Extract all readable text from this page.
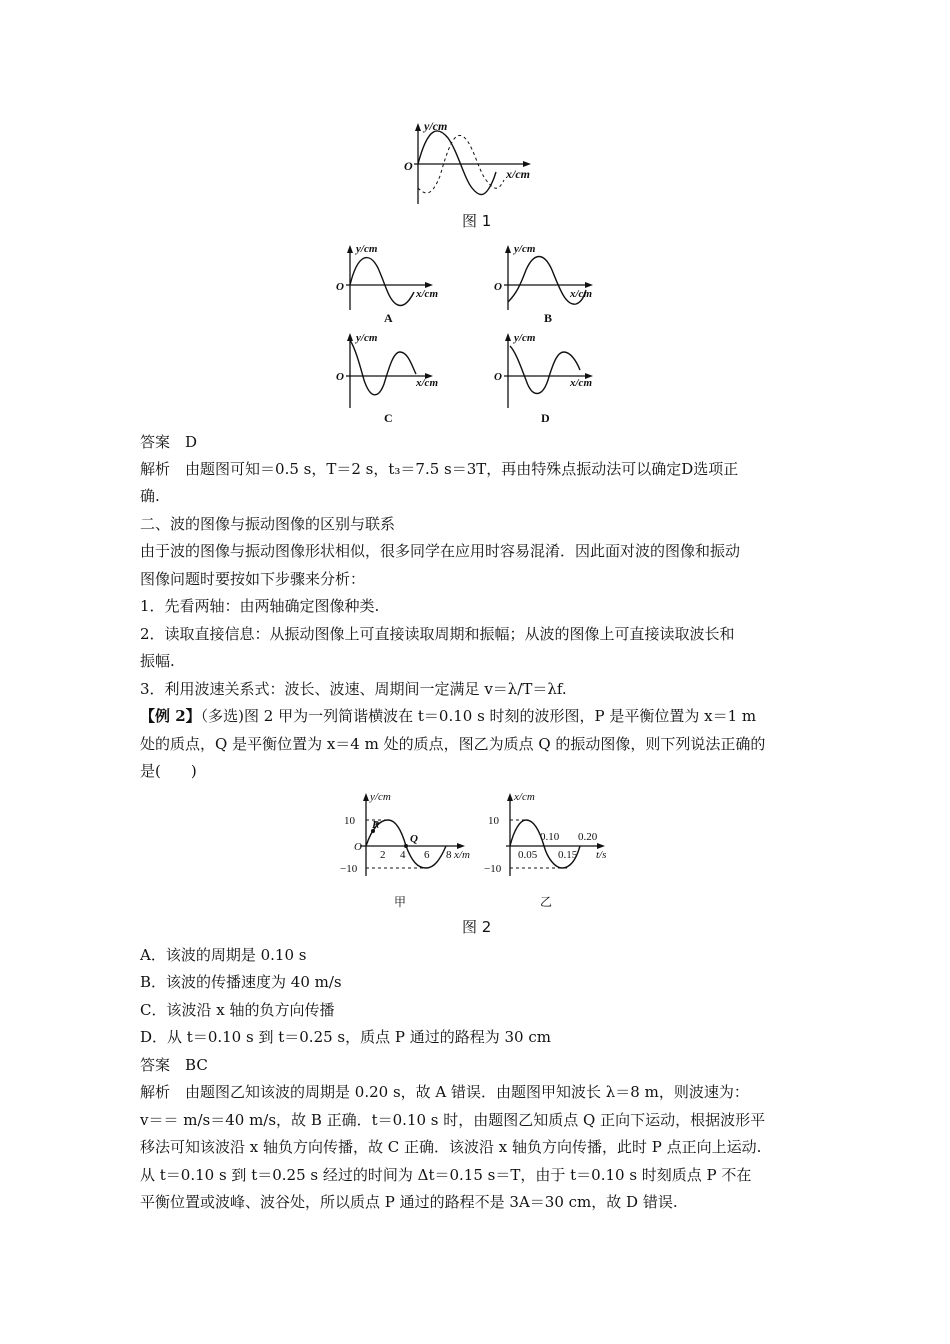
y/cm
O
x/cm
图 1
y/cm
O
x/cm
A
y/cm
O
x/cm
B
y/cm
O	x/cm
C
y/cm
O	x/cm
D
答案　 D
解析　 由题图可知＝0.5 s，T＝2 s，t₃＝7.5 s＝3T，再由特殊点振动法可以确定D选项正
确.
二、波的图像与振动图像的区别与联系
由于波的图像与振动图像形状相似，很多同学在应用时容易混淆．因此面对波的图像和振动
图像问题时要按如下步骤来分析：
1．先看两轴：由两轴确定图像种类.
2．读取直接信息：从振动图像上可直接读取周期和振幅；从波的图像上可直接读取波长和
振幅.
3．利用波速关系式：波长、波速、周期间一定满足 v＝λ/T＝λf.
【例 2】（多选)图 2 甲为一列简谐横波在 t＝0.10 s 时刻的波形图，P 是平衡位置为 x＝1 m
处的质点，Q 是平衡位置为 x＝4 m 处的质点，图乙为质点 Q 的振动图像，则下列说法正确的
是(　　)
y/cm
10
−10
O
P
Q
2 4 6 8 x/m
甲
x/cm
10
−10
0.10 0.20
0.05 0.15 t/s
乙
图 2
A．该波的周期是 0.10 s
B．该波的传播速度为 40 m/s
C．该波沿 x 轴的负方向传播
D．从 t＝0.10 s 到 t＝0.25 s，质点 P 通过的路程为 30 cm
答案　 BC
解析　 由题图乙知该波的周期是 0.20 s，故 A 错误．由题图甲知波长 λ＝8 m，则波速为：
v＝＝ m/s＝40 m/s，故 B 正确．t＝0.10 s 时，由题图乙知质点 Q 正向下运动，根据波形平
移法可知该波沿 x 轴负方向传播，故 C 正确．该波沿 x 轴负方向传播，此时 P 点正向上运动.
从 t＝0.10 s 到 t＝0.25 s 经过的时间为 Δt＝0.15 s＝T，由于 t＝0.10 s 时刻质点 P 不在
平衡位置或波峰、波谷处，所以质点 P 通过的路程不是 3A＝30 cm，故 D 错误.
